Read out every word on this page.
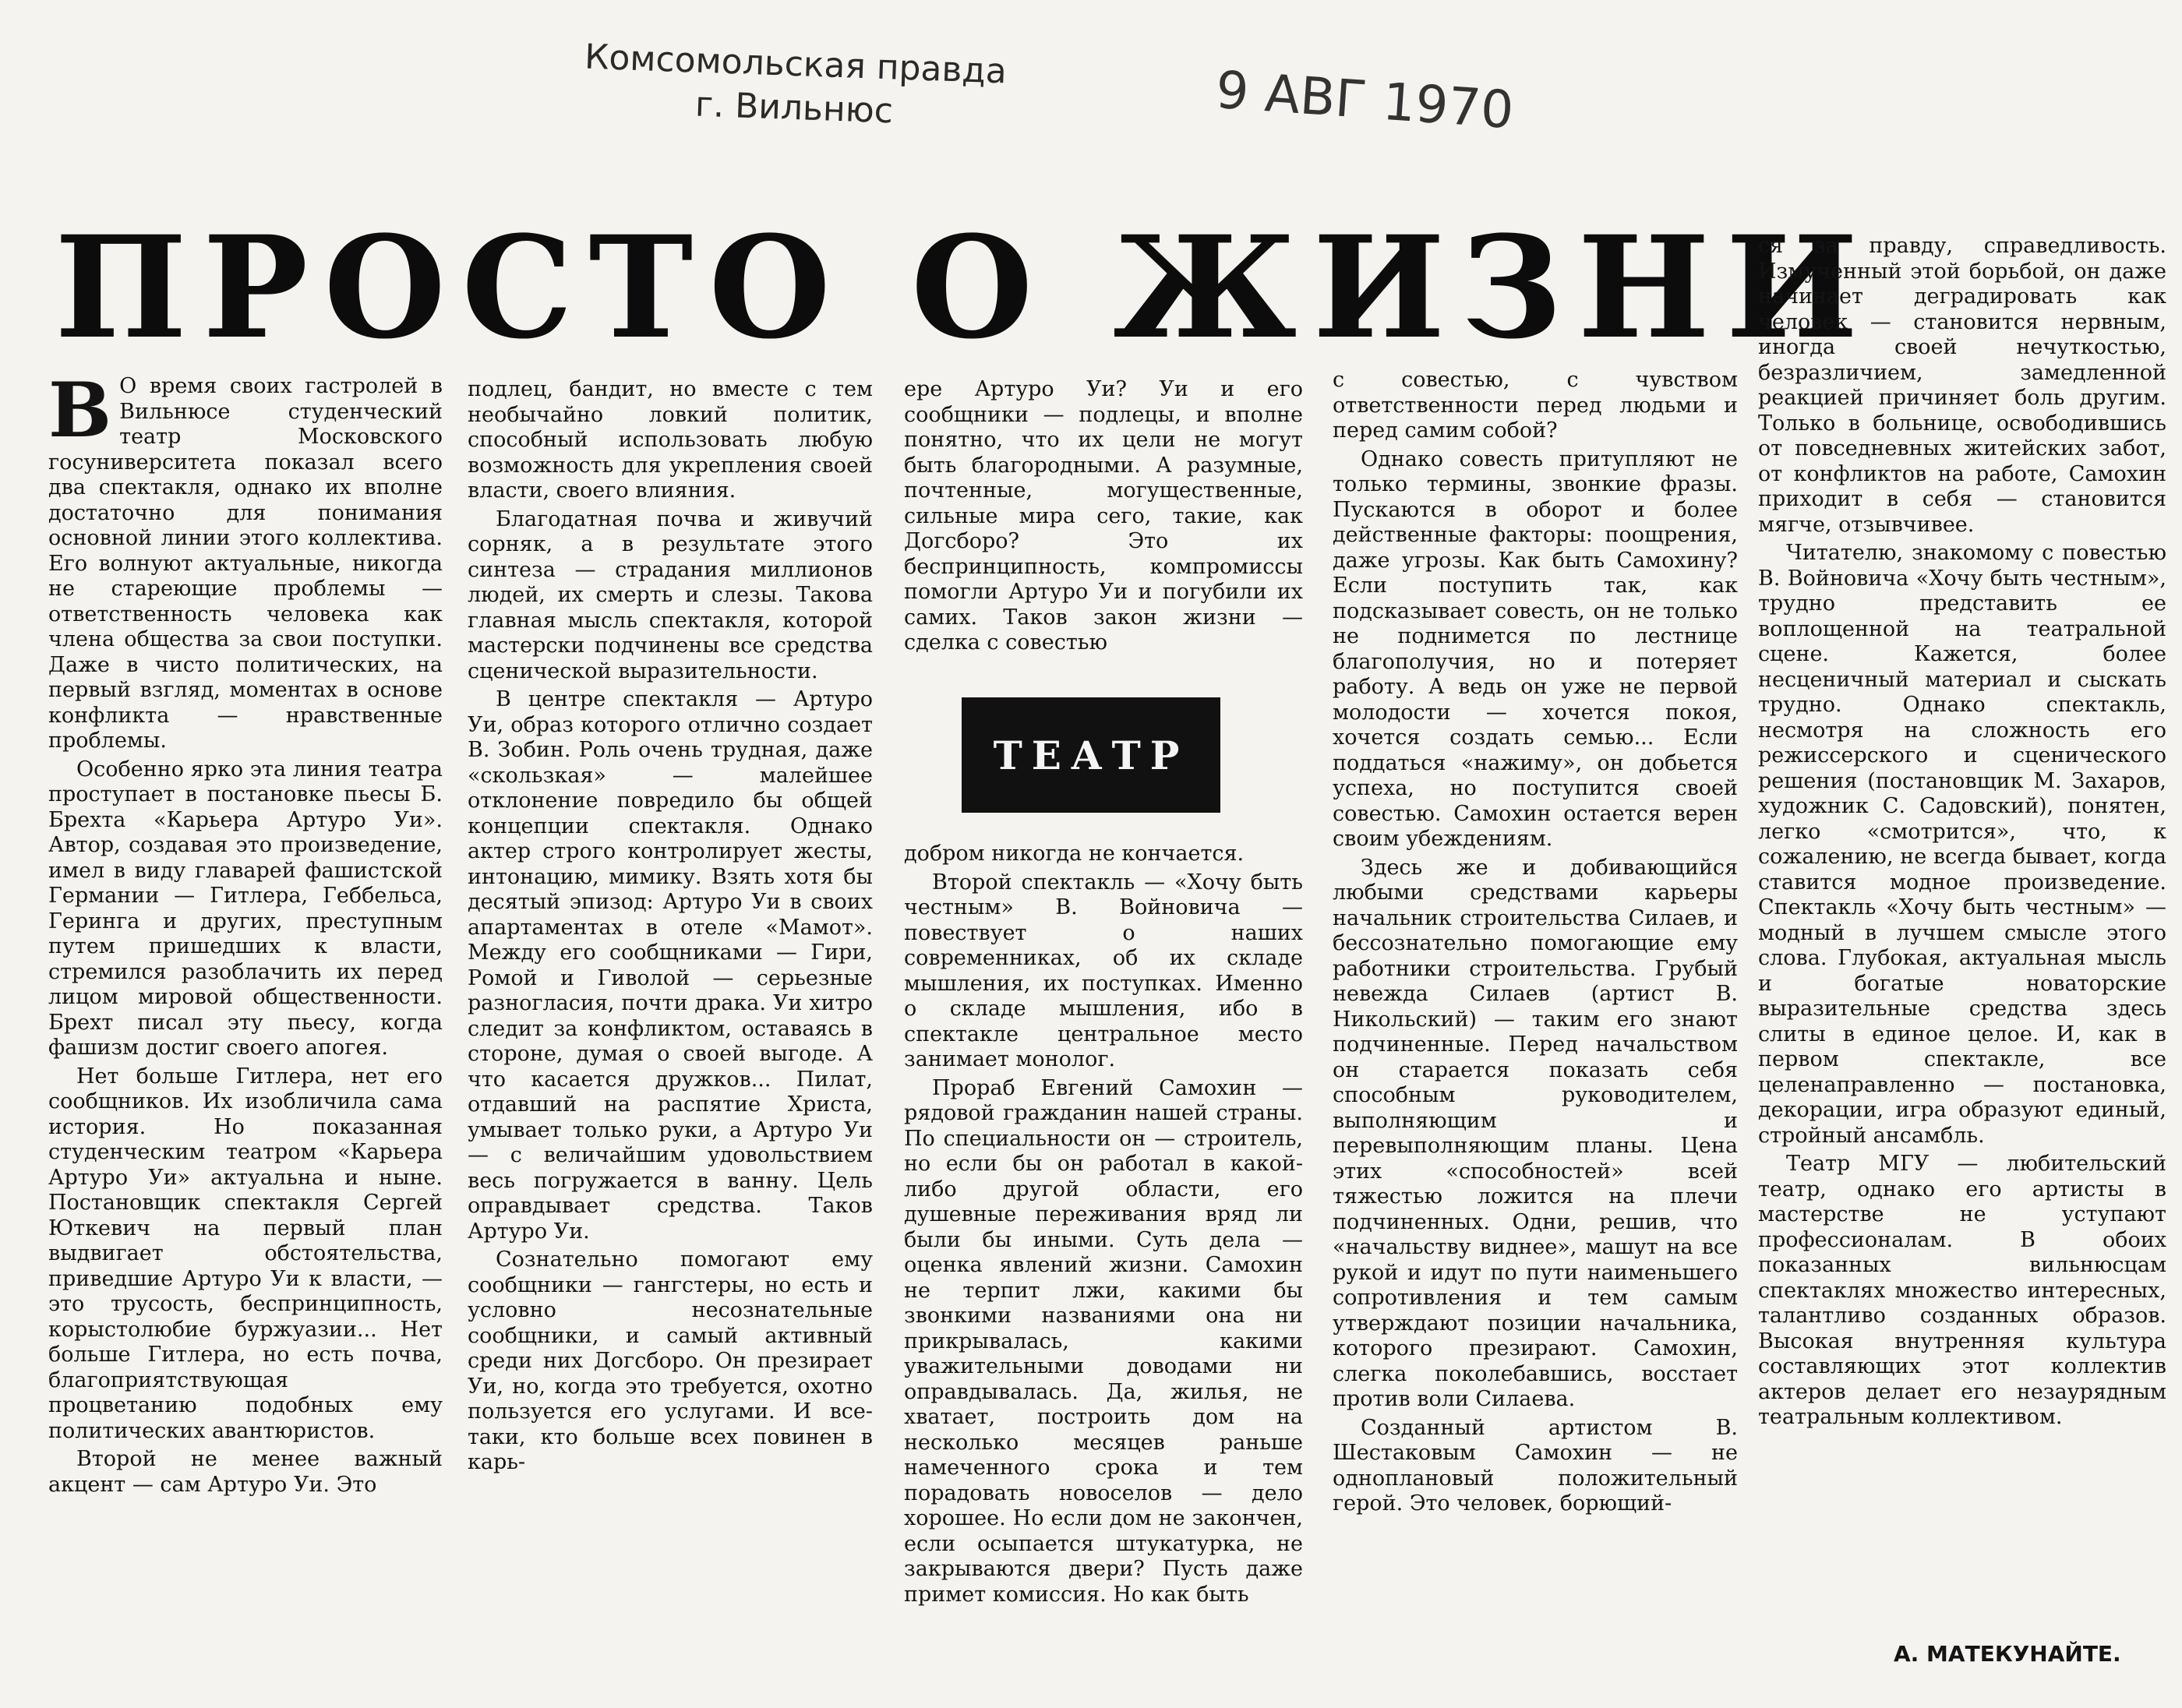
Комсомольская правда
г. Вильнюс	9 АВГ 1970
ПРОСТО О ЖИЗНИ

В О время своих гастролей в Вильнюсе студенческий театр Московского госуниверситета показал всего два спектакля, однако их вполне достаточно для понимания основной линии этого коллектива. Его волнуют актуальные, никогда не стареющие проблемы — ответственность человека как члена общества за свои поступки. Даже в чисто политических, на первый взгляд, моментах в основе конфликта — нравственные проблемы.

Особенно ярко эта линия театра проступает в постановке пьесы Б. Брехта «Карьера Артуро Уи». Автор, создавая это произведение, имел в виду главарей фашистской Германии — Гитлера, Геббельса, Геринга и других, преступным путем пришедших к власти, стремился разоблачить их перед лицом мировой общественности. Брехт писал эту пьесу, когда фашизм достиг своего апогея.

Нет больше Гитлера, нет его сообщников. Их изобличила сама история. Но показанная студенческим театром «Карьера Артуро Уи» актуальна и ныне. Постановщик спектакля Сергей Юткевич на первый план выдвигает обстоятельства, приведшие Артуро Уи к власти, — это трусость, беспринципность, корыстолюбие буржуазии... Нет больше Гитлера, но есть почва, благоприятствующая процветанию подобных ему политических авантюристов.

Второй не менее важный акцент — сам Артуро Уи. Это

подлец, бандит, но вместе с тем необычайно ловкий политик, способный использовать любую возможность для укрепления своей власти, своего влияния.

Благодатная почва и живучий сорняк, а в результате этого синтеза — страдания миллионов людей, их смерть и слезы. Такова главная мысль спектакля, которой мастерски подчинены все средства сценической выразительности.

В центре спектакля — Артуро Уи, образ которого отлично создает В. Зобин. Роль очень трудная, даже «скользкая» — малейшее отклонение повредило бы общей концепции спектакля. Однако актер строго контролирует жесты, интонацию, мимику. Взять хотя бы десятый эпизод: Артуро Уи в своих апартаментах в отеле «Мамот». Между его сообщниками — Гири, Ромой и Гиволой — серьезные разногласия, почти драка. Уи хитро следит за конфликтом, оставаясь в стороне, думая о своей выгоде. А что касается дружков... Пилат, отдавший на распятие Христа, умывает только руки, а Артуро Уи — с величайшим удовольствием весь погружается в ванну. Цель оправдывает средства. Таков Артуро Уи.

Сознательно помогают ему сообщники — гангстеры, но есть и условно несознательные сообщники, и самый активный среди них Догсборо. Он презирает Уи, но, когда это требуется, охотно пользуется его услугами. И все-таки, кто больше всех повинен в карь-

ере Артуро Уи? Уи и его сообщники — подлецы, и вполне понятно, что их цели не могут быть благородными. А разумные, почтенные, могущественные, сильные мира сего, такие, как Догсборо? Это их беспринципность, компромиссы помогли Артуро Уи и погубили их самих. Таков закон жизни — сделка с совестью

ТЕАТР

добром никогда не кончается.

Второй спектакль — «Хочу быть честным» В. Войновича — повествует о наших современниках, об их складе мышления, их поступках. Именно о складе мышления, ибо в спектакле центральное место занимает монолог.

Прораб Евгений Самохин — рядовой гражданин нашей страны. По специальности он — строитель, но если бы он работал в какой-либо другой области, его душевные переживания вряд ли были бы иными. Суть дела — оценка явлений жизни. Самохин не терпит лжи, какими бы звонкими названиями она ни прикрывалась, какими уважительными доводами ни оправдывалась. Да, жилья, не хватает, построить дом на несколько месяцев раньше намеченного срока и тем порадовать новоселов — дело хорошее. Но если дом не закончен, если осыпается штукатурка, не закрываются двери? Пусть даже примет комиссия. Но как быть

с совестью, с чувством ответственности перед людьми и перед самим собой?

Однако совесть притупляют не только термины, звонкие фразы. Пускаются в оборот и более действенные факторы: поощрения, даже угрозы. Как быть Самохину? Если поступить так, как подсказывает совесть, он не только не поднимется по лестнице благополучия, но и потеряет работу. А ведь он уже не первой молодости — хочется покоя, хочется создать семью... Если поддаться «нажиму», он добьется успеха, но поступится своей совестью. Самохин остается верен своим убеждениям.

Здесь же и добивающийся любыми средствами карьеры начальник строительства Силаев, и бессознательно помогающие ему работники строительства. Грубый невежда Силаев (артист В. Никольский) — таким его знают подчиненные. Перед начальством он старается показать себя способным руководителем, выполняющим и перевыполняющим планы. Цена этих «способностей» всей тяжестью ложится на плечи подчиненных. Одни, решив, что «начальству виднее», машут на все рукой и идут по пути наименьшего сопротивления и тем самым утверждают позиции начальника, которого презирают. Самохин, слегка поколебавшись, восстает против воли Силаева.

Созданный артистом В. Шестаковым Самохин — не одноплановый положительный герой. Это человек, борющий-

ся за правду, справедливость. Измученный этой борьбой, он даже начинает деградировать как человек — становится нервным, иногда своей нечуткостью, безразличием, замедленной реакцией причиняет боль другим. Только в больнице, освободившись от повседневных житейских забот, от конфликтов на работе, Самохин приходит в себя — становится мягче, отзывчивее.

Читателю, знакомому с повестью В. Войновича «Хочу быть честным», трудно представить ее воплощенной на театральной сцене. Кажется, более несценичный материал и сыскать трудно. Однако спектакль, несмотря на сложность его режиссерского и сценического решения (постановщик М. Захаров, художник С. Садовский), понятен, легко «смотрится», что, к сожалению, не всегда бывает, когда ставится модное произведение. Спектакль «Хочу быть честным» — модный в лучшем смысле этого слова. Глубокая, актуальная мысль и богатые новаторские выразительные средства здесь слиты в единое целое. И, как в первом спектакле, все целенаправленно — постановка, декорации, игра образуют единый, стройный ансамбль.

Театр МГУ — любительский театр, однако его артисты в мастерстве не уступают профессионалам. В обоих показанных вильнюсцам спектаклях множество интересных, талантливо созданных образов. Высокая внутренняя культура составляющих этот коллектив актеров делает его незаурядным театральным коллективом.

А. МАТЕКУНАЙТЕ.
